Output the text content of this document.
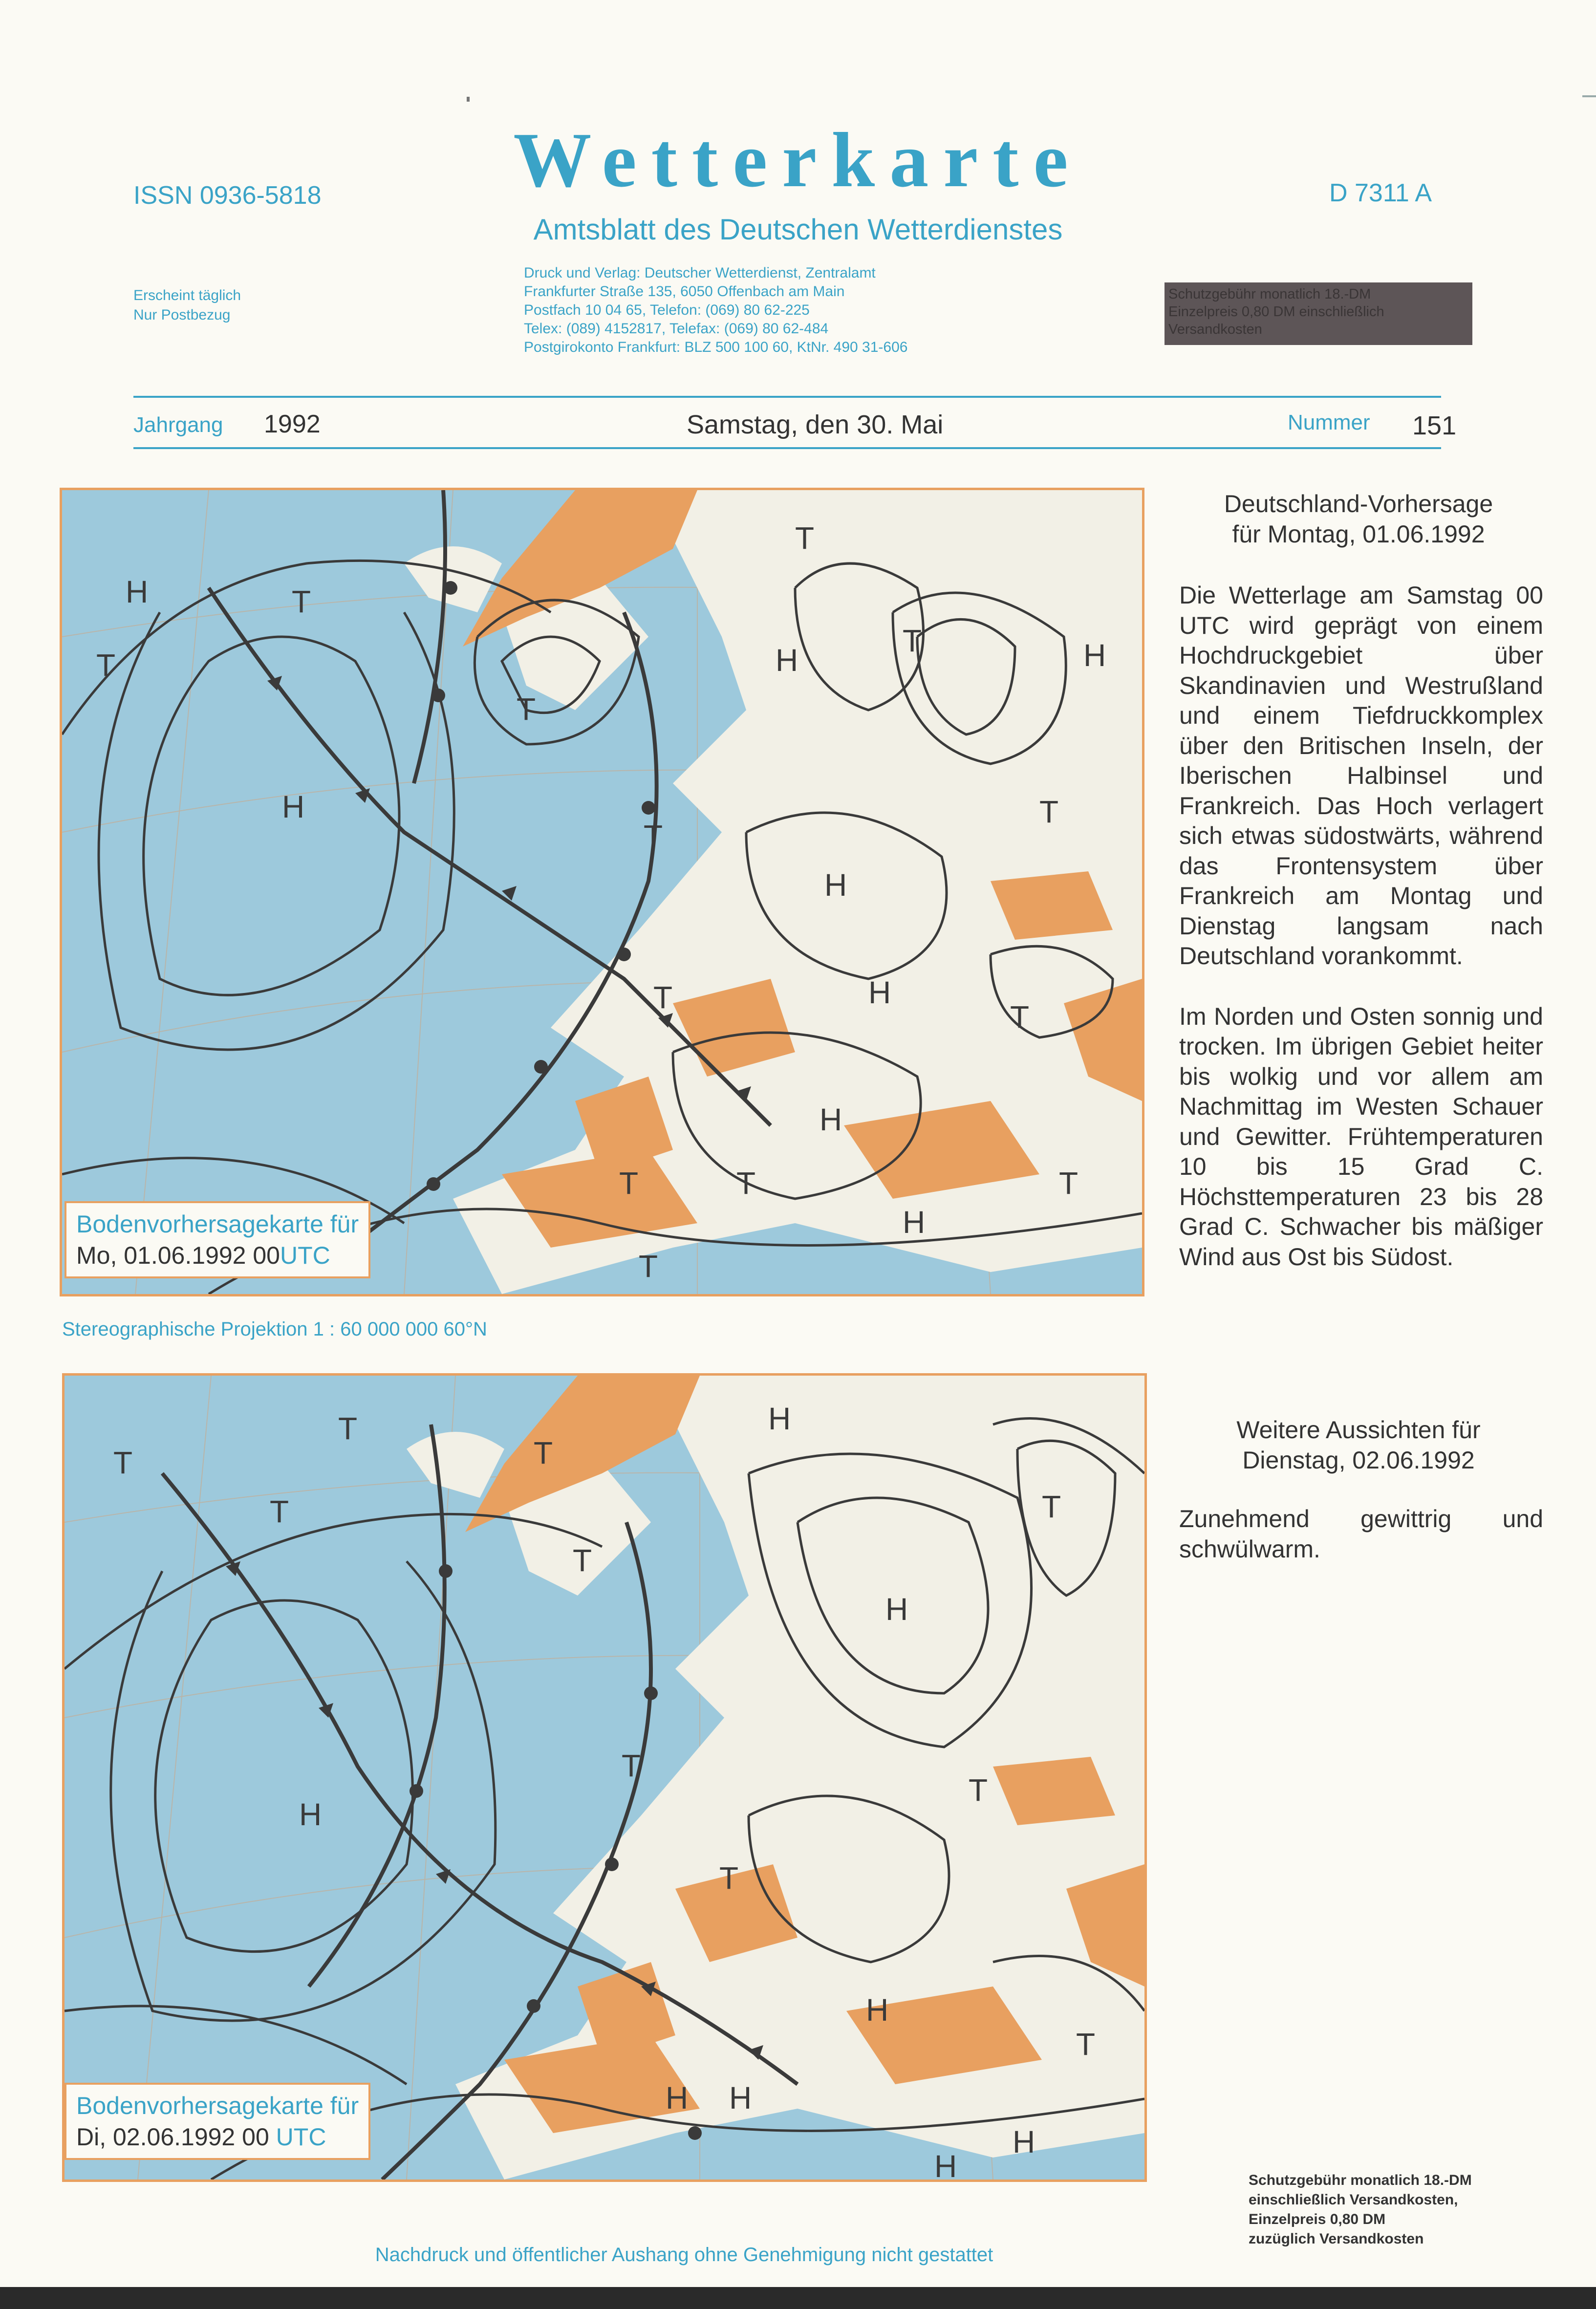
ISSN 0936-5818	Wetterkarte	D 7311 A
Amtsblatt des Deutschen Wetterdienstes
Erscheint täglich
Nur Postbezug
Druck und Verlag: Deutscher Wetterdienst, Zentralamt
Frankfurter Straße 135, 6050 Offenbach am Main
Postfach 10 04 65, Telefon: (069) 80 62-225
Telex: (089) 4152817, Telefax: (069) 80 62-484
Postgirokonto Frankfurt: BLZ 500 100 60, KtNr. 490 31-606
Schutzgebühr monatlich 18.-DM
Einzelpreis 0,80 DM einschließlich
Versandkosten
Jahrgang 1992	Samstag, den 30. Mai	Nummer 151
H
T
H
T
T
H
T
T	H
H
T
H
T
T
H
T	T
H
T
T
T
Bodenvorhersagekarte für
Mo, 01.06.1992 00UTC
Stereographische Projektion 1 : 60 000 000 60°N
T
T
T
T
T
H
H
T
H
T
T
T
H
H
T
H H
H
Bodenvorhersagekarte für
Di, 02.06.1992 00 UTC
Deutschland-Vorhersage
für Montag, 01.06.1992

Die Wetterlage am Samstag 00 UTC wird geprägt von einem Hochdruckgebiet über Skandinavien und Westrußland und einem Tiefdruckkomplex über den Britischen Inseln, der Iberischen Halbinsel und Frankreich. Das Hoch verlagert sich etwas südostwärts, während das Frontensystem über Frankreich am Montag und Dienstag langsam nach Deutschland vorankommt.

Im Norden und Osten sonnig und trocken. Im übrigen Gebiet heiter bis wolkig und vor allem am Nachmittag im Westen Schauer und Gewitter. Frühtemperaturen 10 bis 15 Grad C. Höchsttemperaturen 23 bis 28 Grad C. Schwacher bis mäßiger Wind aus Ost bis Südost.

Weitere Aussichten für
Dienstag, 02.06.1992

Zunehmend gewittrig und schwülwarm.

Schutzgebühr monatlich 18.-DM
einschließlich Versandkosten,
Einzelpreis 0,80 DM
zuzüglich Versandkosten
Nachdruck und öffentlicher Aushang ohne Genehmigung nicht gestattet
